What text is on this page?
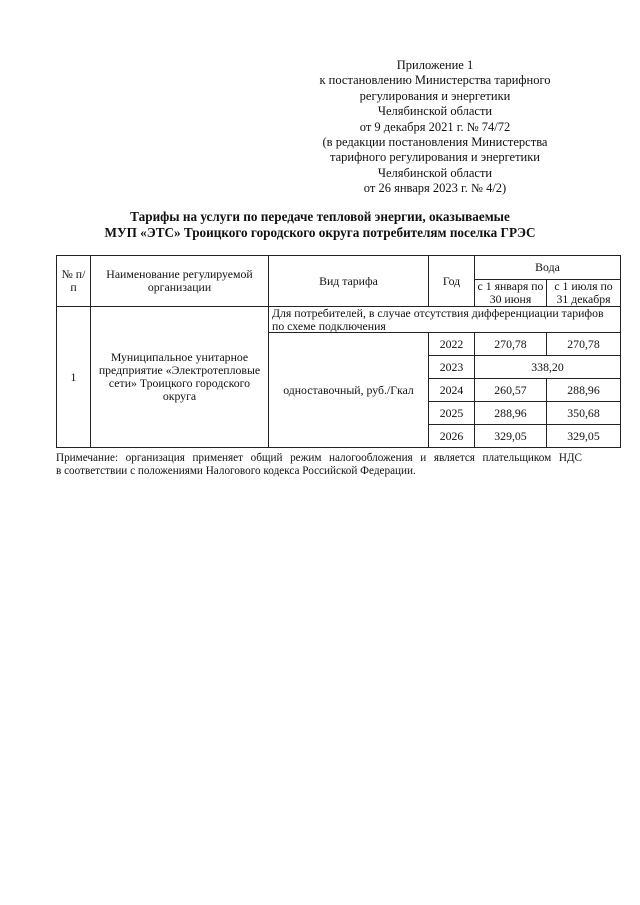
Приложение 1
к постановлению Министерства тарифного
регулирования и энергетики
Челябинской области
от 9 декабря 2021 г. № 74/72
(в редакции постановления Министерства
тарифного регулирования и энергетики
Челябинской области
от 26 января 2023 г. № 4/2)
Тарифы на услуги по передаче тепловой энергии, оказываемые
МУП «ЭТС» Троицкого городского округа потребителям поселка ГРЭС
№ п/п	Наименование регулируемой организации	Вид тарифа	Год	Вода	
				с 1 января по 30 июня	с 1 июля по 31 декабря
1	Муниципальное унитарное предприятие «Электротепловые сети» Троицкого городского округа	Для потребителей, в случае отсутствия дифференциации тарифов по схеме подключения			
		одноставочный, руб./Гкал	2022	270,78	270,78
			2023	338,20	
			2024	260,57	288,96
			2025	288,96	350,68
			2026	329,05	329,05
Примечание: организация применяет общий режим налогообложения и является плательщиком НДС
в соответствии с положениями Налогового кодекса Российской Федерации.
